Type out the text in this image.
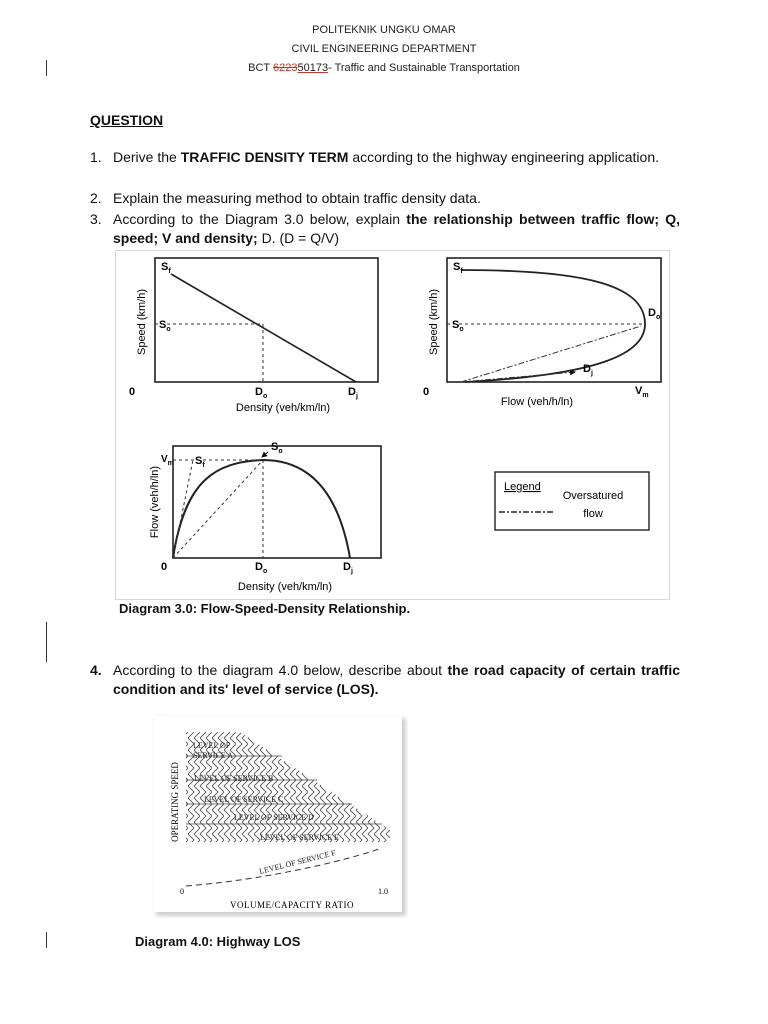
POLITEKNIK UNGKU OMAR
CIVIL ENGINEERING DEPARTMENT
BCT 622350173- Traffic and Sustainable Transportation
QUESTION
1. Derive the TRAFFIC DENSITY TERM according to the highway engineering application.
2. Explain the measuring method to obtain traffic density data.
3. According to the Diagram 3.0 below, explain the relationship between traffic flow; Q, speed; V and density; D. (D = Q/V)
$S_f$
$S_o$
$D_o$	$D_j$
0
Speed (km/h)
Density (veh/km/ln)
$S_f$
$S_o$
$D_o$
$D_j$
$V_m$
0
Speed (km/h)
Flow (veh/h/ln)
$S_o$
$S_f$
$V_m$
$D_o$	$D_j$
0
Flow (veh/h/ln)
Density (veh/km/ln)
Legend
Oversatured
flow
Diagram 3.0: Flow-Speed-Density Relationship.
4. According to the diagram 4.0 below, describe about the road capacity of certain traffic condition and its' level of service (LOS).
LEVEL OF
SERVICE A
LEVEL OF SERVICE B
LEVEL OF SERVICE C
LEVEL OF SERVICE D
LEVEL OF SERVICE E
LEVEL OF SERVICE F
OPERATING SPEED
0	1.0
VOLUME/CAPACITY RATIO
Diagram 4.0: Highway LOS
